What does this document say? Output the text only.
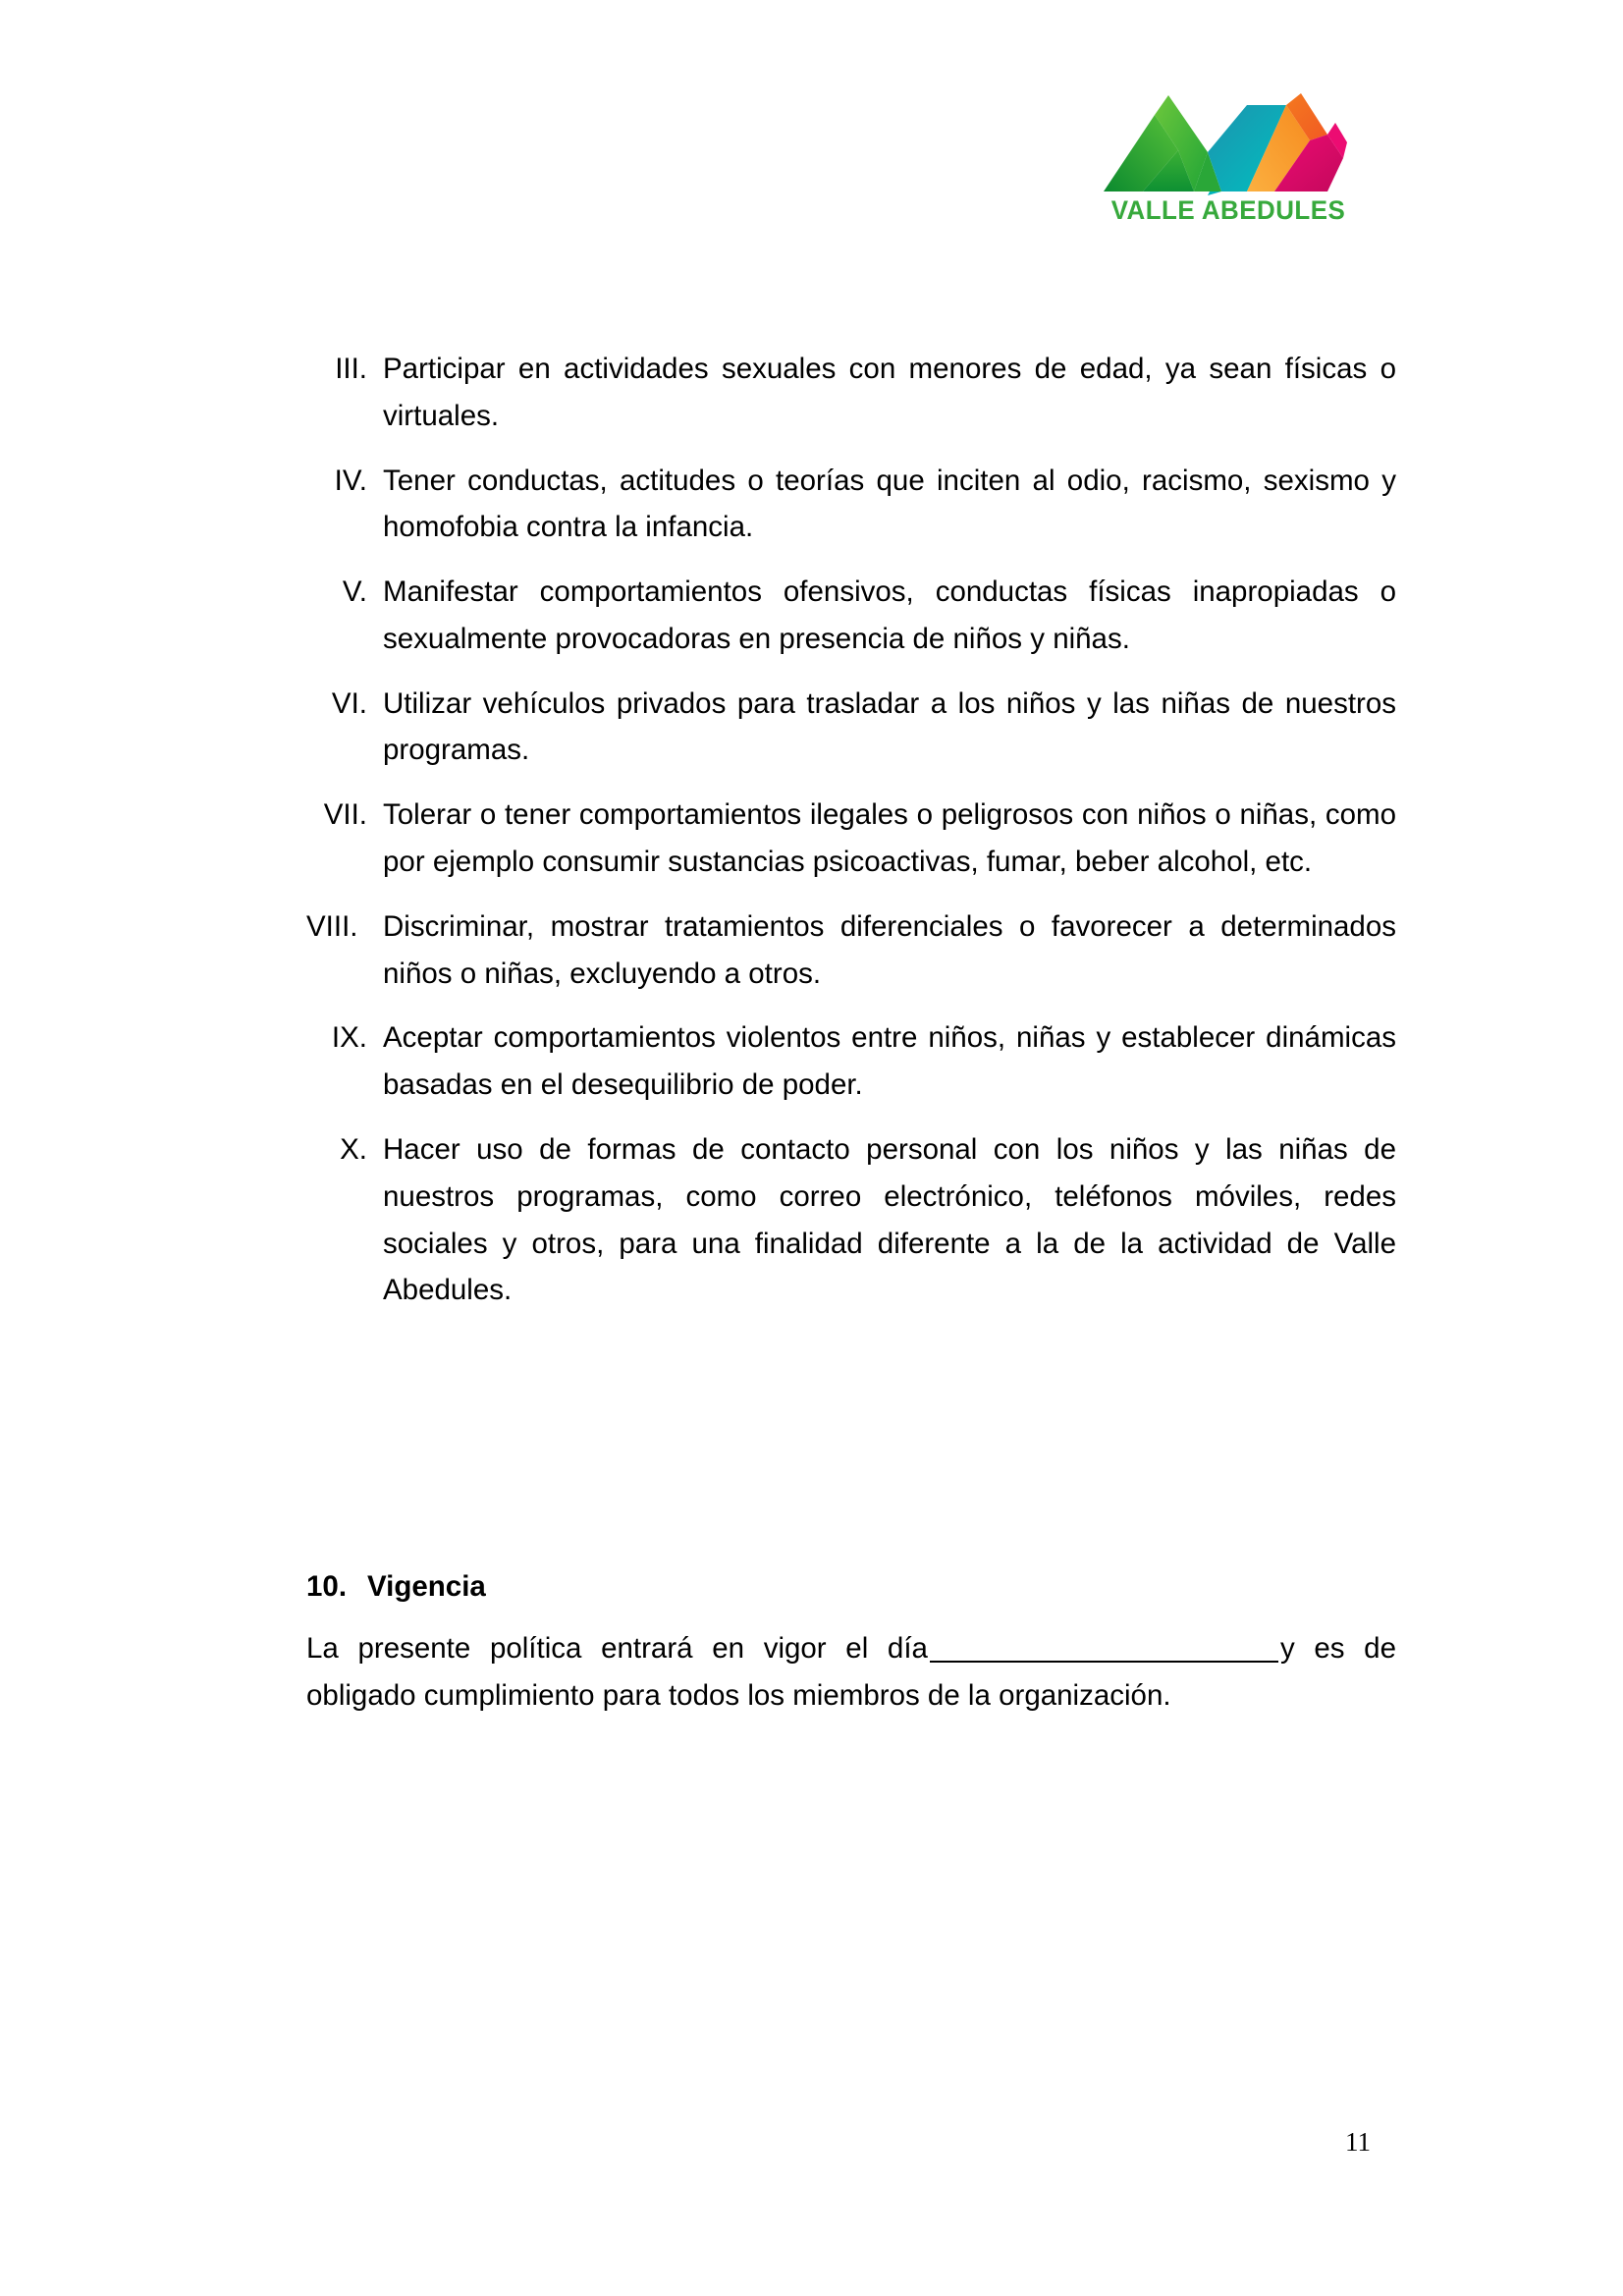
VALLE ABEDULES
III. Participar en actividades sexuales con menores de edad, ya sean físicas o virtuales.
IV. Tener conductas, actitudes o teorías que inciten al odio, racismo, sexismo y homofobia contra la infancia.
V. Manifestar comportamientos ofensivos, conductas físicas inapropiadas o sexualmente provocadoras en presencia de niños y niñas.
VI. Utilizar vehículos privados para trasladar a los niños y las niñas de nuestros programas.
VII. Tolerar o tener comportamientos ilegales o peligrosos con niños o niñas, como por ejemplo consumir sustancias psicoactivas, fumar, beber alcohol, etc.
VIII. Discriminar, mostrar tratamientos diferenciales o favorecer a determinados niños o niñas, excluyendo a otros.
IX. Aceptar comportamientos violentos entre niños, niñas y establecer dinámicas basadas en el desequilibrio de poder.
X. Hacer uso de formas de contacto personal con los niños y las niñas de nuestros programas, como correo electrónico, teléfonos móviles, redes sociales y otros, para una finalidad diferente a la de la actividad de Valle Abedules.
10. Vigencia
La presente política entrará en vigor el día	y es de obligado cumplimiento para todos los miembros de la organización.
11
